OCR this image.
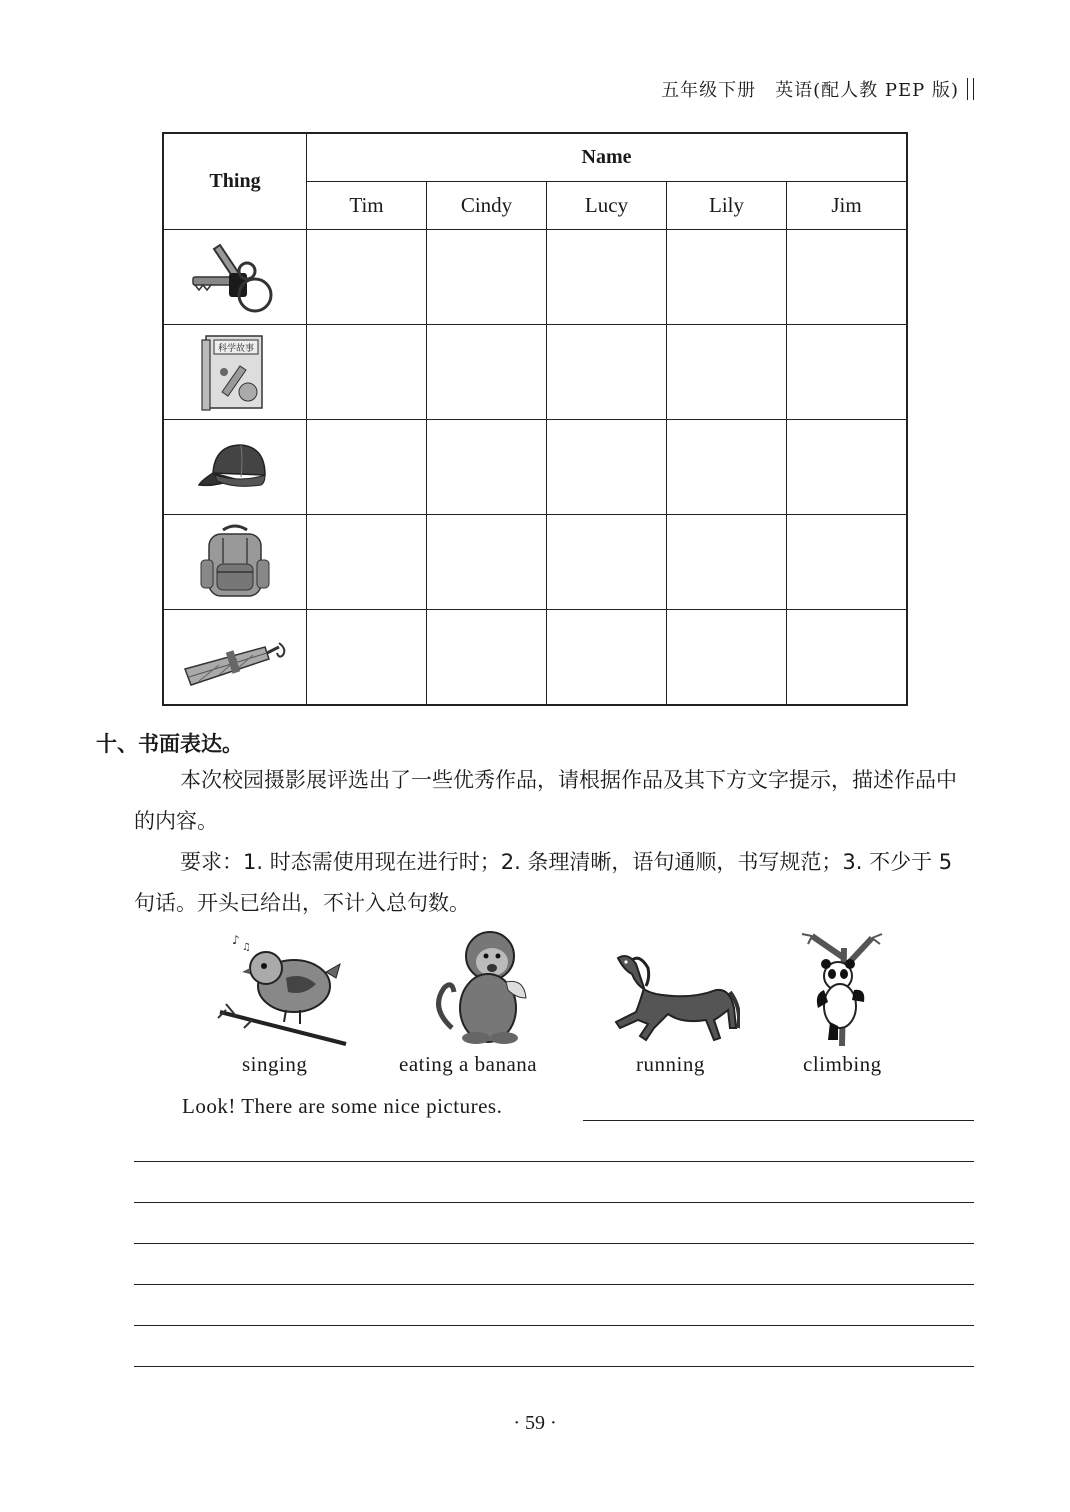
五年级下册　英语(配人教 PEP 版)
Thing	Name				
	Tim	Cindy	Lucy	Lily	Jim

科学故事					

十、书面表达。
本次校园摄影展评选出了一些优秀作品，请根据作品及其下方文字提示，描述作品中的内容。
要求：1. 时态需使用现在进行时；2. 条理清晰，语句通顺，书写规范；3. 不少于 5 句话。开头已给出，不计入总句数。
♪
♫
singing	eating a banana	running	climbing
Look! There are some nice pictures.
· 59 ·
